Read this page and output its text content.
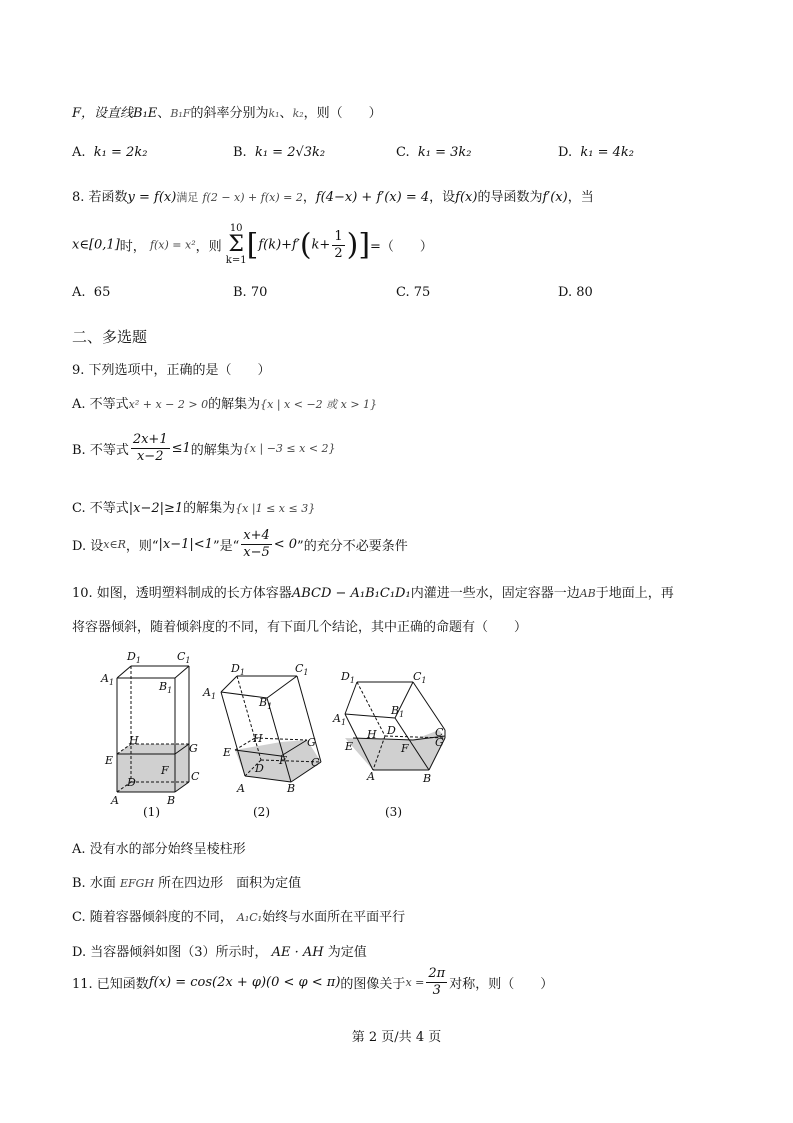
F，设直线B₁E、B₁F的斜率分别为k₁、k₂，则（　　）
A. k₁ = 2k₂	B. k₁ = 2√3k₂	C. k₁ = 3k₂	D. k₁ = 4k₂
8. 若函数y = f(x)满足 f(2 − x) + f(x) = 2，f(4−x) + f′(x) = 4，设f(x)的导函数为f′(x)，当
x∈[0,1]时， f(x) = x²，则 10
Σ
$k=1[f(k)+f'(k+ \frac{1}{2}$ )]=（　　）
A. 65	B. 70	C. 75	D. 80
二、多选题
9. 下列选项中，正确的是（　　）
A. 不等式x² + x − 2 > 0的解集为{x | x < −2 或 x > 1}
B. 不等式 $\frac{2x+1}{x-2} \le 1$的解集为{x | −3 ≤ x < 2}
C. 不等式|x−2|≥1的解集为{x |1 ≤ x ≤ 3}
D. 设x∈R，则“|x−1|<1”是“ $\frac{x+4}{x-5} < 0$”的充分不必要条件
10. 如图，透明塑料制成的长方体容器ABCD − A₁B₁C₁D₁内灌进一些水，固定容器一边AB于地面上，再
将容器倾斜，随着倾斜度的不同，有下面几个结论，其中正确的命题有（　　）
$D_1$	$C_1$
$A_1$	$B_1$
H
G
E
F C
D
A	B
$D_1$	$C_1$
$A_1$	$B_1$
H	G
E
F
D	C
A	B
$D_1$	$C_1$
$A_1$
$B_1$
D
H	C
G
E	F
A	B
(1)	(2)	(3)
A. 没有水的部分始终呈棱柱形
B. 水面 EFGH 所在四边形　面积为定值
C. 随着容器倾斜度的不同， A₁C₁始终与水面所在平面平行
D. 当容器倾斜如图（3）所示时， AE · AH 为定值
11. 已知函数f(x) = cos(2x + φ)(0 < φ < π)的图像关于$x = \frac{2\pi}{3}$ 对称，则（　　）
第 2 页/共 4 页
